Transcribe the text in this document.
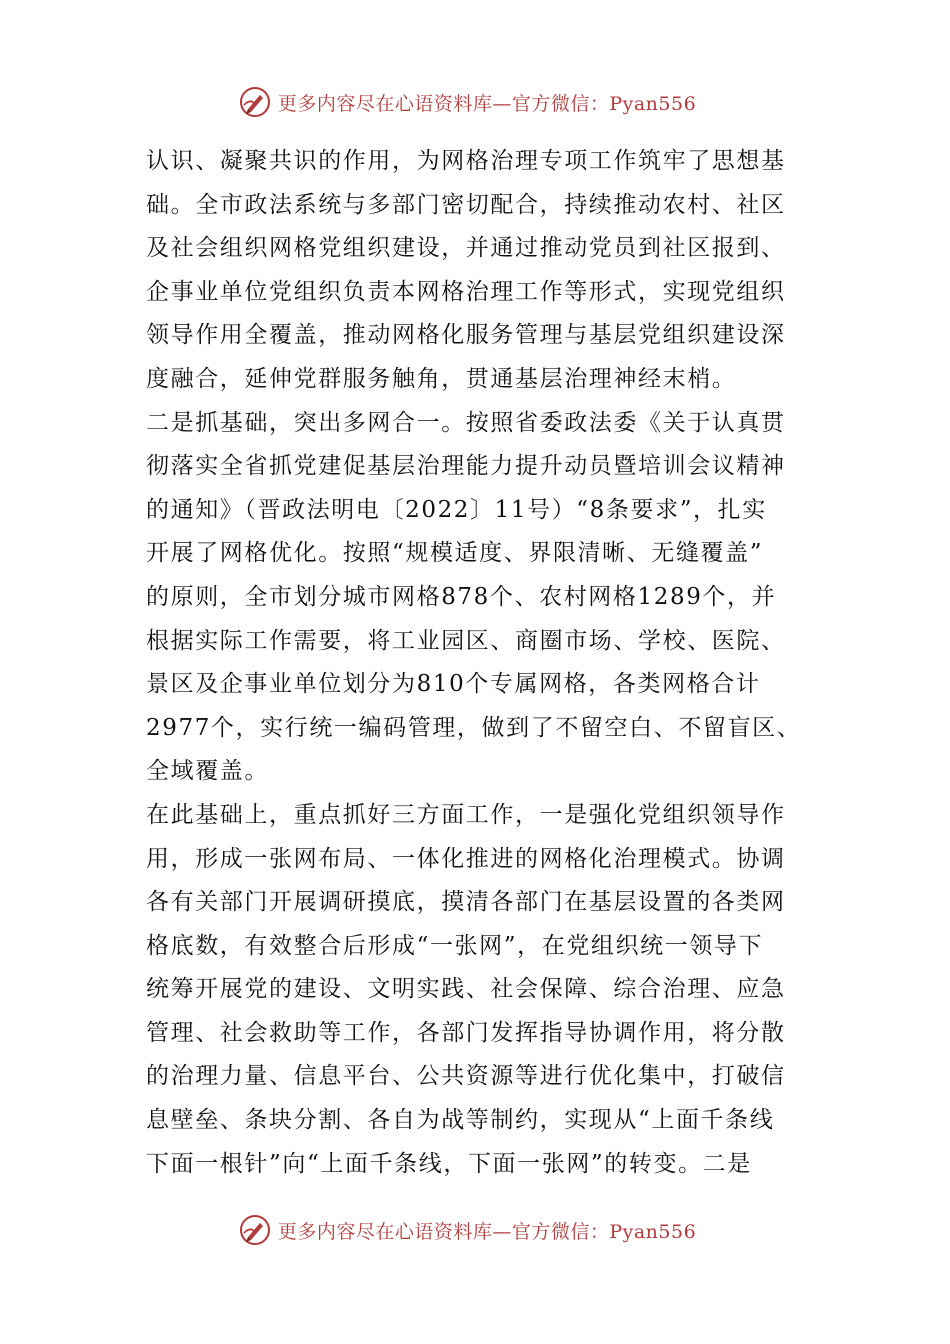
更多内容尽在心语资料库—官方微信：Pyan556
认识、凝聚共识的作用，为网格治理专项工作筑牢了思想基
础。全市政法系统与多部门密切配合，持续推动农村、社区
及社会组织网格党组织建设，并通过推动党员到社区报到、
企事业单位党组织负责本网格治理工作等形式，实现党组织
领导作用全覆盖，推动网格化服务管理与基层党组织建设深
度融合，延伸党群服务触角，贯通基层治理神经末梢。
二是抓基础，突出多网合一。按照省委政法委《关于认真贯
彻落实全省抓党建促基层治理能力提升动员暨培训会议精神
的通知》（晋政法明电〔2022〕11号）“8条要求”，扎实
开展了网格优化。按照“规模适度、界限清晰、无缝覆盖”
的原则，全市划分城市网格878个、农村网格1289个，并
根据实际工作需要，将工业园区、商圈市场、学校、医院、
景区及企事业单位划分为810个专属网格，各类网格合计
2977个，实行统一编码管理，做到了不留空白、不留盲区、
全域覆盖。
在此基础上，重点抓好三方面工作，一是强化党组织领导作
用，形成一张网布局、一体化推进的网格化治理模式。协调
各有关部门开展调研摸底，摸清各部门在基层设置的各类网
格底数，有效整合后形成“一张网”，在党组织统一领导下
统筹开展党的建设、文明实践、社会保障、综合治理、应急
管理、社会救助等工作，各部门发挥指导协调作用，将分散
的治理力量、信息平台、公共资源等进行优化集中，打破信
息壁垒、条块分割、各自为战等制约，实现从“上面千条线
下面一根针”向“上面千条线，下面一张网”的转变。二是
更多内容尽在心语资料库—官方微信：Pyan556
